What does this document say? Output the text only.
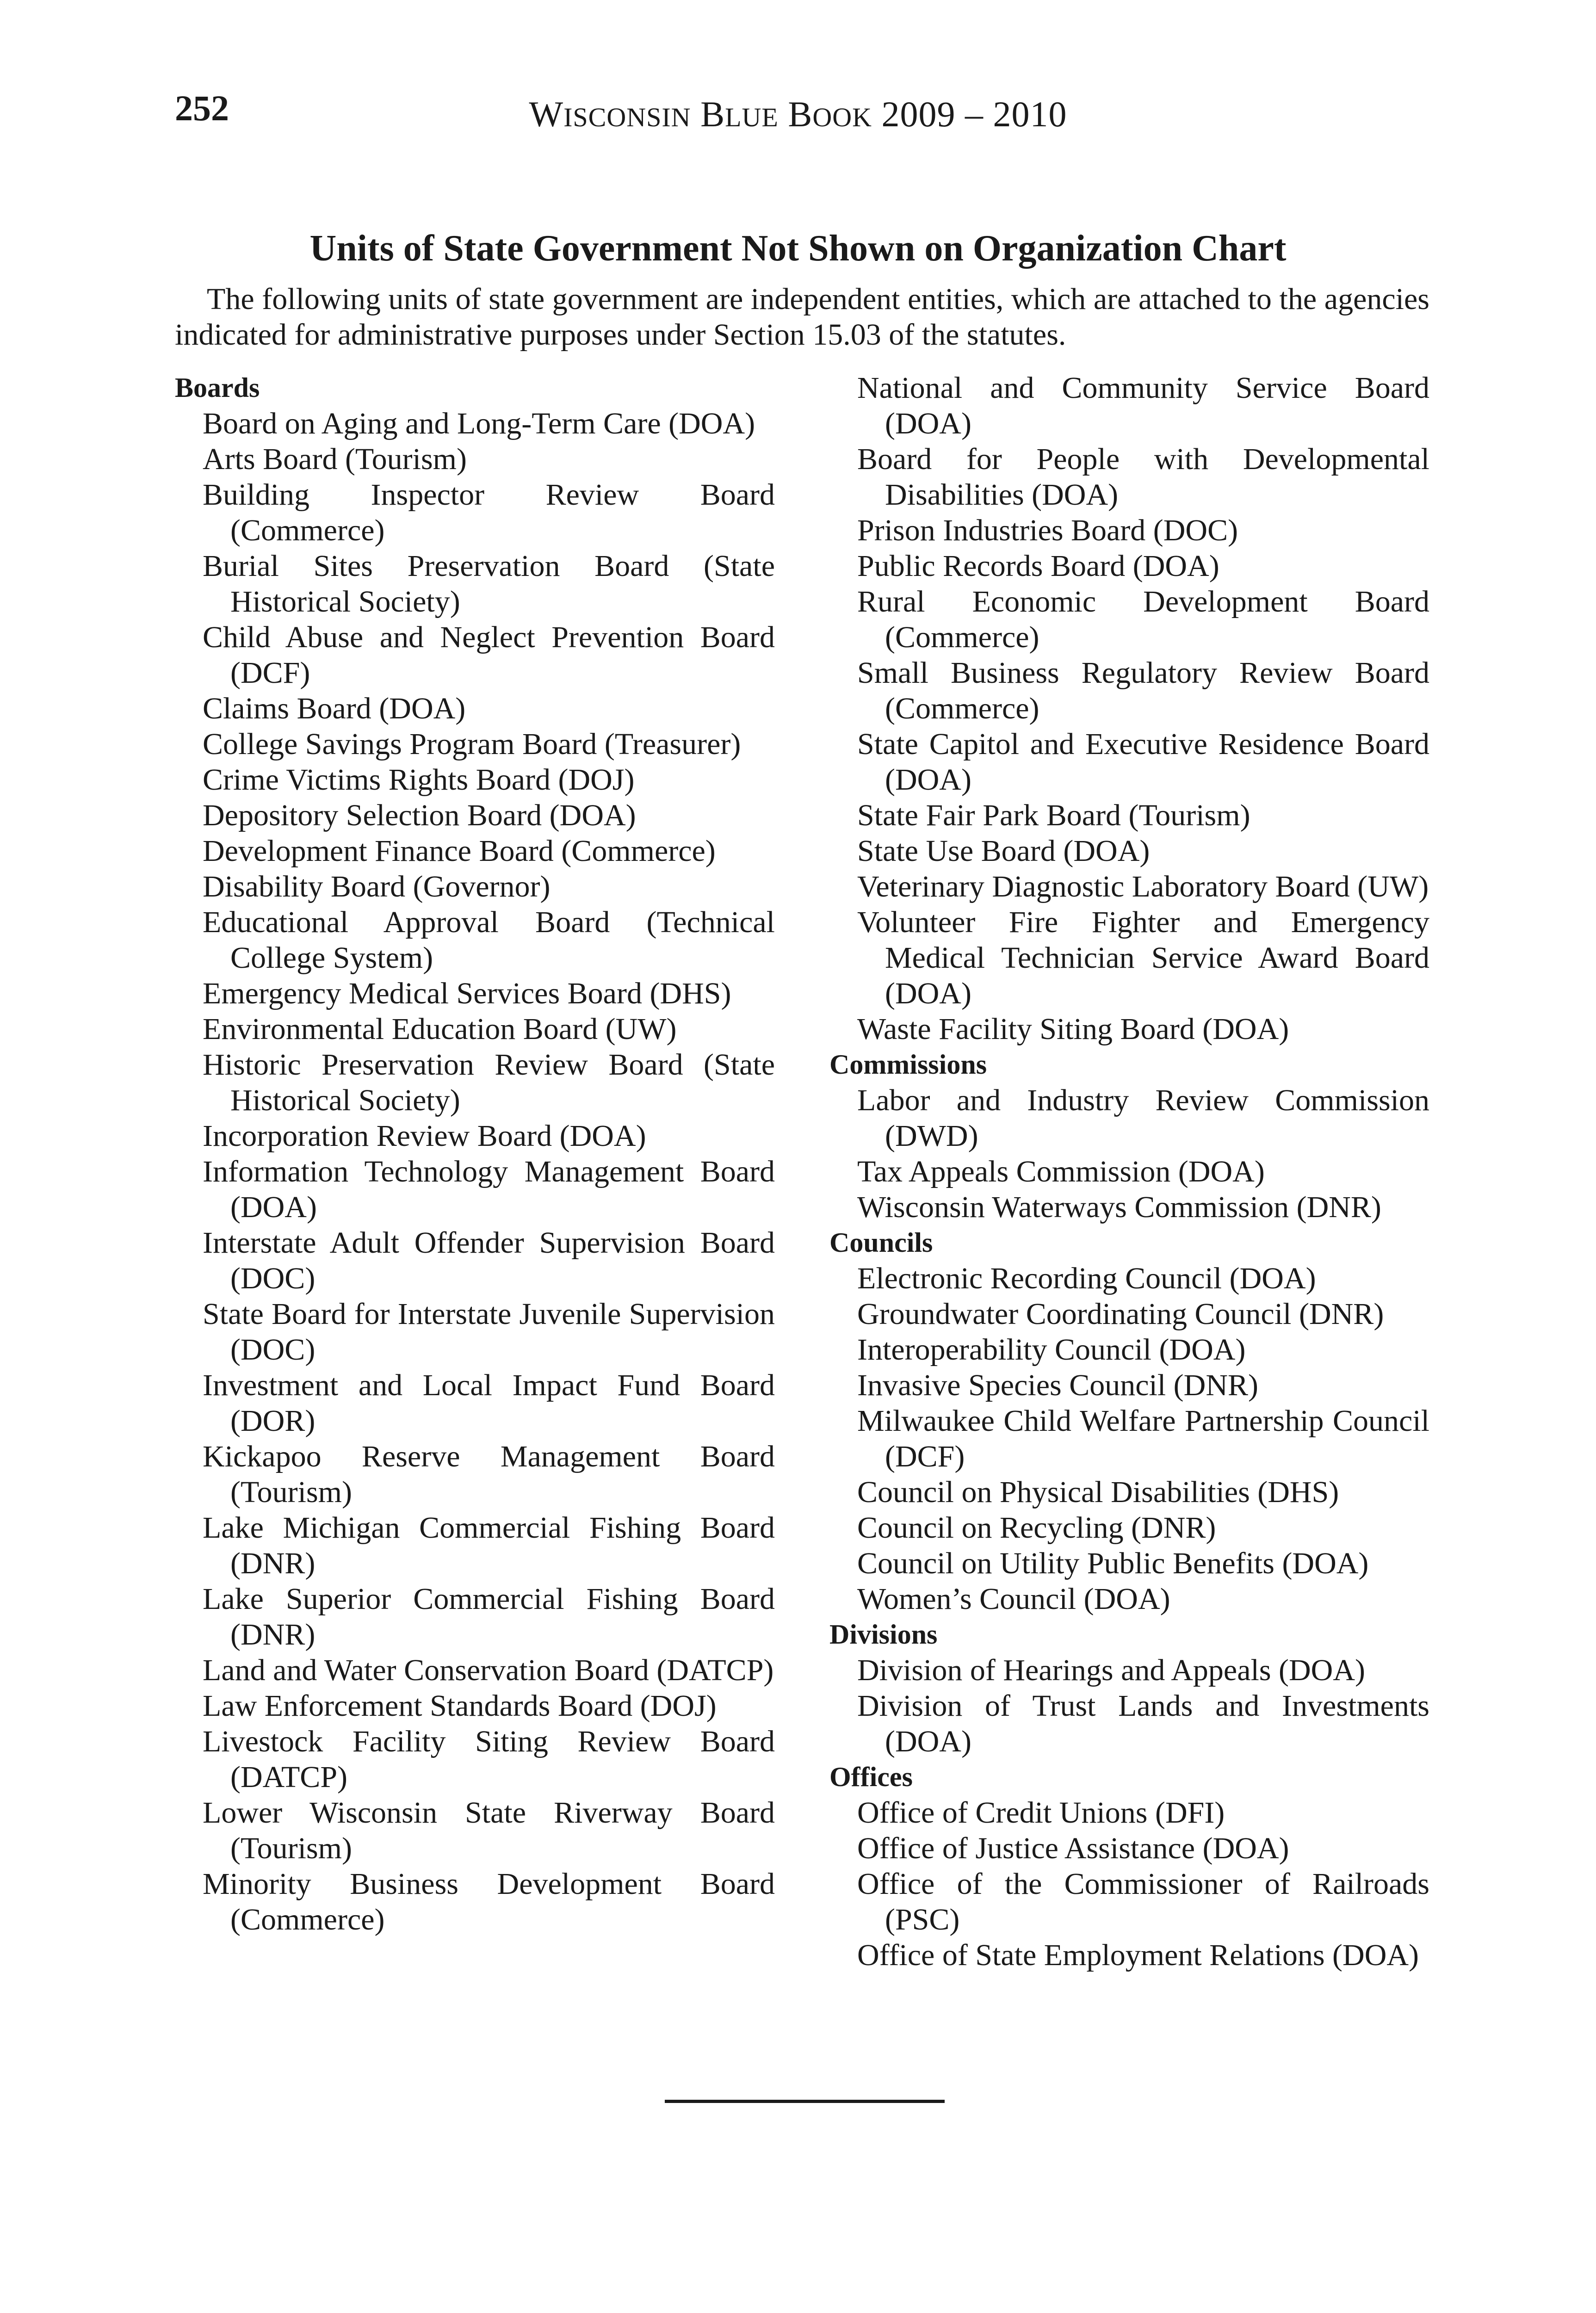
252	WISCONSIN BLUE BOOK 2009 – 2010
Units of State Government Not Shown on Organization Chart

The following units of state government are independent entities, which are attached to the agencies indicated for administrative purposes under Section 15.03 of the statutes.

Boards

Board on Aging and Long-Term Care (DOA)

Arts Board (Tourism)

Building Inspector Review Board (Commerce)

Burial Sites Preservation Board (State Historical Society)

Child Abuse and Neglect Prevention Board (DCF)

Claims Board (DOA)

College Savings Program Board (Treasurer)

Crime Victims Rights Board (DOJ)

Depository Selection Board (DOA)

Development Finance Board (Commerce)

Disability Board (Governor)

Educational Approval Board (Technical College System)

Emergency Medical Services Board (DHS)

Environmental Education Board (UW)

Historic Preservation Review Board (State Historical Society)

Incorporation Review Board (DOA)

Information Technology Management Board (DOA)

Interstate Adult Offender Supervision Board (DOC)

State Board for Interstate Juvenile Supervision (DOC)

Investment and Local Impact Fund Board (DOR)

Kickapoo Reserve Management Board (Tourism)

Lake Michigan Commercial Fishing Board (DNR)

Lake Superior Commercial Fishing Board (DNR)

Land and Water Conservation Board (DATCP)

Law Enforcement Standards Board (DOJ)

Livestock Facility Siting Review Board (DATCP)

Lower Wisconsin State Riverway Board (Tourism)

Minority Business Development Board (Commerce)

National and Community Service Board (DOA)

Board for People with Developmental Disabilities (DOA)

Prison Industries Board (DOC)

Public Records Board (DOA)

Rural Economic Development Board (Commerce)

Small Business Regulatory Review Board (Commerce)

State Capitol and Executive Residence Board (DOA)

State Fair Park Board (Tourism)

State Use Board (DOA)

Veterinary Diagnostic Laboratory Board (UW)

Volunteer Fire Fighter and Emergency Medical Technician Service Award Board (DOA)

Waste Facility Siting Board (DOA)

Commissions

Labor and Industry Review Commission (DWD)

Tax Appeals Commission (DOA)

Wisconsin Waterways Commission (DNR)

Councils

Electronic Recording Council (DOA)

Groundwater Coordinating Council (DNR)

Interoperability Council (DOA)

Invasive Species Council (DNR)

Milwaukee Child Welfare Partnership Council (DCF)

Council on Physical Disabilities (DHS)

Council on Recycling (DNR)

Council on Utility Public Benefits (DOA)

Women’s Council (DOA)

Divisions

Division of Hearings and Appeals (DOA)

Division of Trust Lands and Investments (DOA)

Offices

Office of Credit Unions (DFI)

Office of Justice Assistance (DOA)

Office of the Commissioner of Railroads (PSC)

Office of State Employment Relations (DOA)
